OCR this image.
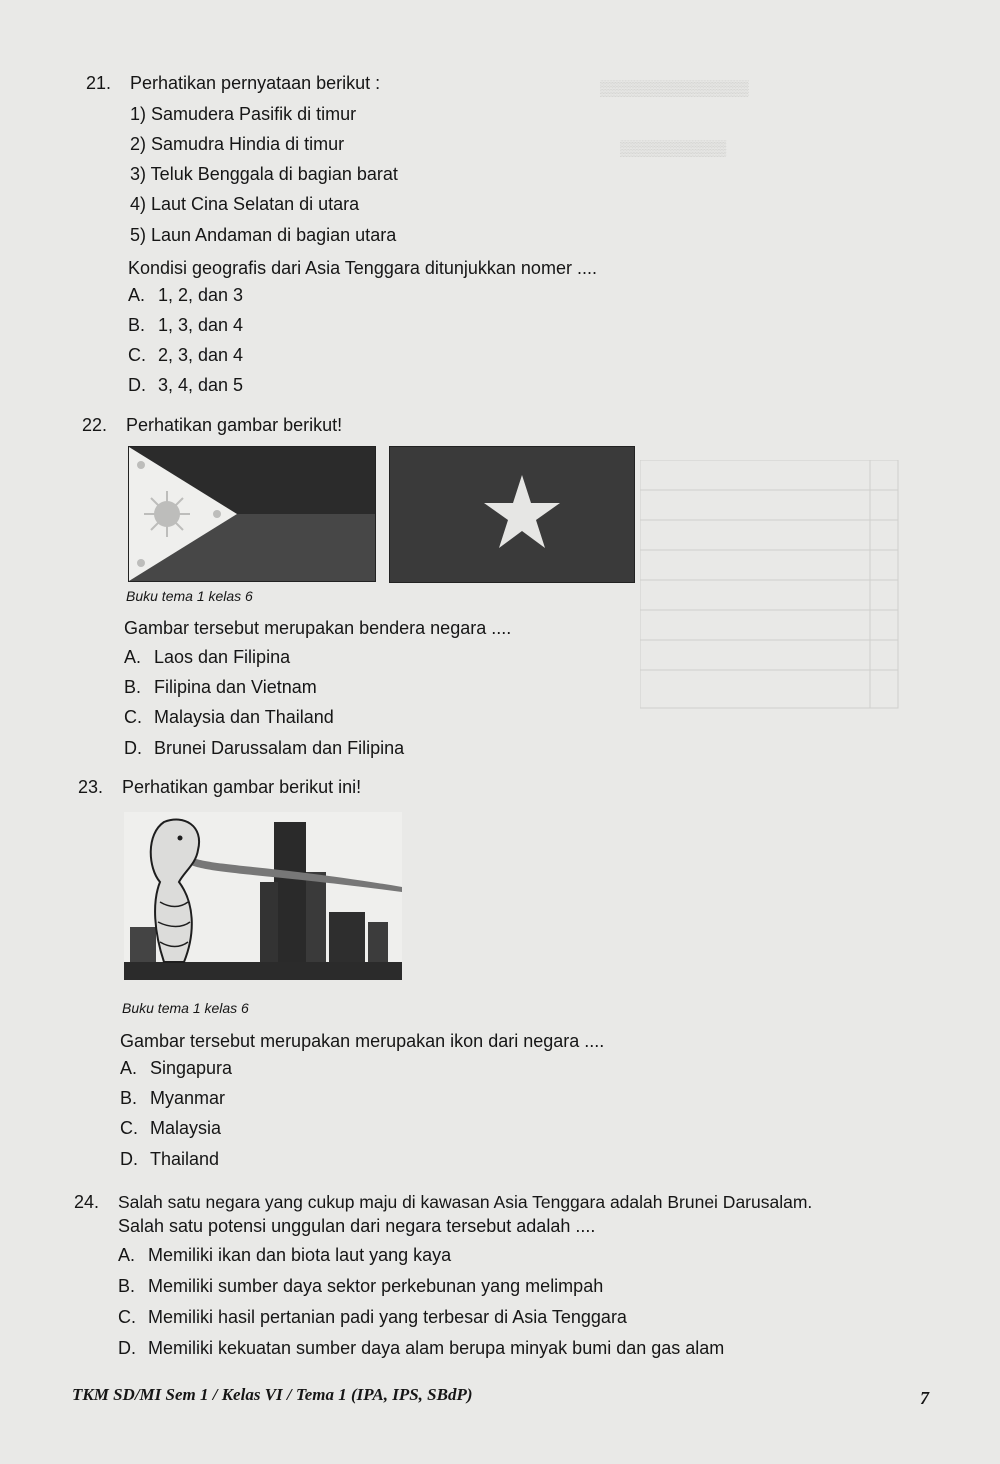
▒▒▒▒▒▒▒▒▒▒▒▒▒▒
▒▒▒▒▒▒▒▒▒▒
21. Perhatikan pernyataan berikut :
1) Samudera Pasifik di timur
2) Samudra Hindia di timur
3) Teluk Benggala di bagian barat
4) Laut Cina Selatan di utara
5) Laun Andaman di bagian utara
Kondisi geografis dari Asia Tenggara ditunjukkan nomer ....
A. 1, 2, dan 3
B. 1, 3, dan 4
C. 2, 3, dan 4
D. 3, 4, dan 5
22. Perhatikan gambar berikut!
Buku tema 1 kelas 6
Gambar tersebut merupakan bendera negara ....
A. Laos dan Filipina
B. Filipina dan Vietnam
C. Malaysia dan Thailand
D. Brunei Darussalam dan Filipina
23. Perhatikan gambar berikut ini!
Buku tema 1 kelas 6
Gambar tersebut merupakan merupakan ikon dari negara ....
A. Singapura
B. Myanmar
C. Malaysia
D. Thailand
24. Salah satu negara yang cukup maju di kawasan Asia Tenggara adalah Brunei Darusalam.
Salah satu potensi unggulan dari negara tersebut adalah ....
A. Memiliki ikan dan biota laut yang kaya
B. Memiliki sumber daya sektor perkebunan yang melimpah
C. Memiliki hasil pertanian padi yang terbesar di Asia Tenggara
D. Memiliki kekuatan sumber daya alam berupa minyak bumi dan gas alam
TKM SD/MI Sem 1 / Kelas VI / Tema 1 (IPA, IPS, SBdP)	7
